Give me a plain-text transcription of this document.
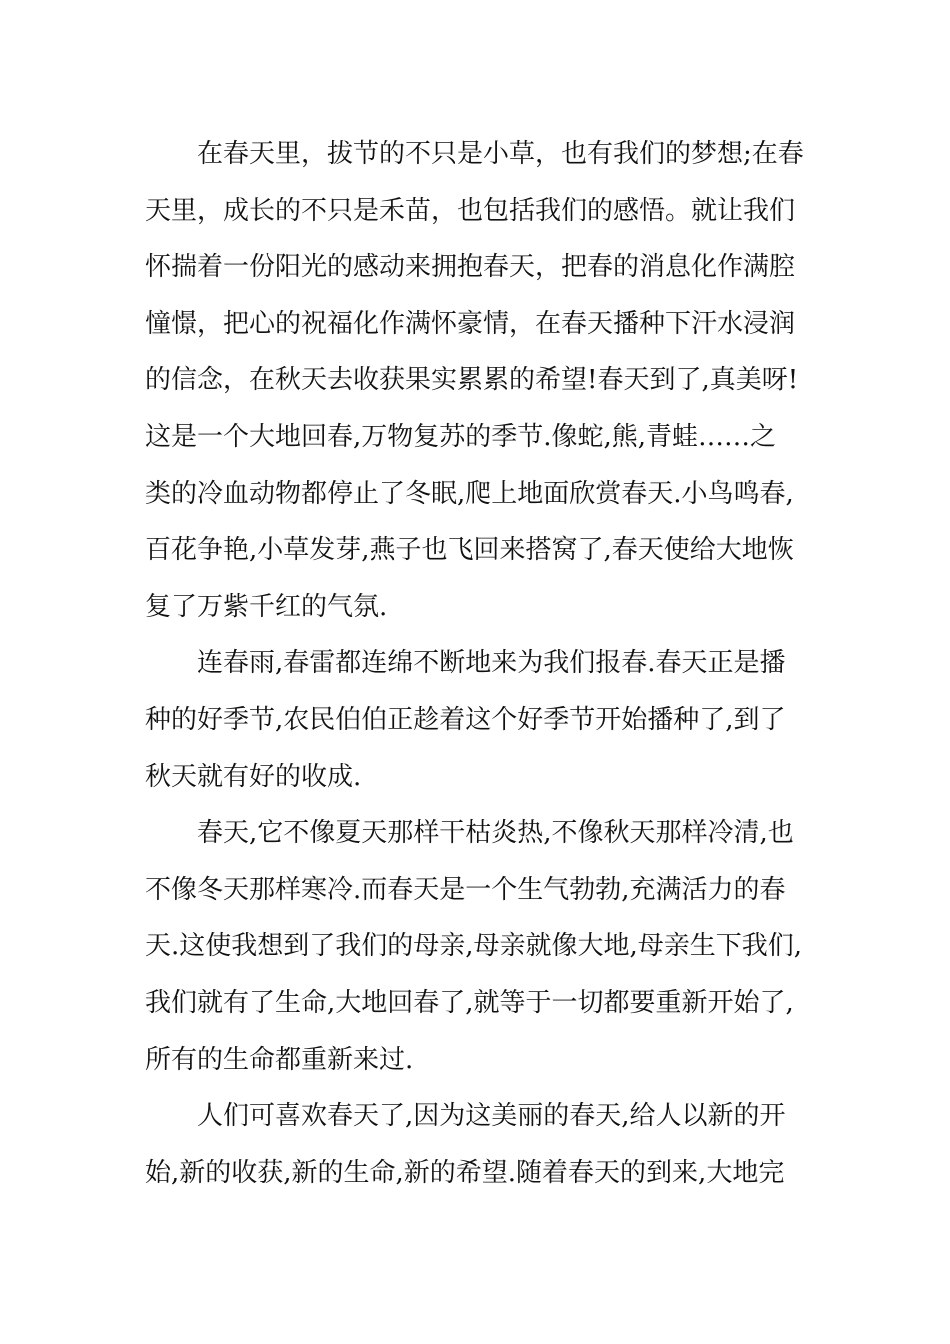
在春天里，拔节的不只是小草，也有我们的梦想;在春
天里，成长的不只是禾苗，也包括我们的感悟。就让我们
怀揣着一份阳光的感动来拥抱春天，把春的消息化作满腔
憧憬，把心的祝福化作满怀豪情，在春天播种下汗水浸润
的信念，在秋天去收获果实累累的希望!春天到了,真美呀!
这是一个大地回春,万物复苏的季节.像蛇,熊,青蛙……之
类的冷血动物都停止了冬眠,爬上地面欣赏春天.小鸟鸣春,
百花争艳,小草发芽,燕子也飞回来搭窝了,春天使给大地恢
复了万紫千红的气氛.
连春雨,春雷都连绵不断地来为我们报春.春天正是播
种的好季节,农民伯伯正趁着这个好季节开始播种了,到了
秋天就有好的收成.
春天,它不像夏天那样干枯炎热,不像秋天那样冷清,也
不像冬天那样寒冷.而春天是一个生气勃勃,充满活力的春
天.这使我想到了我们的母亲,母亲就像大地,母亲生下我们,
我们就有了生命,大地回春了,就等于一切都要重新开始了,
所有的生命都重新来过.
人们可喜欢春天了,因为这美丽的春天,给人以新的开
始,新的收获,新的生命,新的希望.随着春天的到来,大地完
